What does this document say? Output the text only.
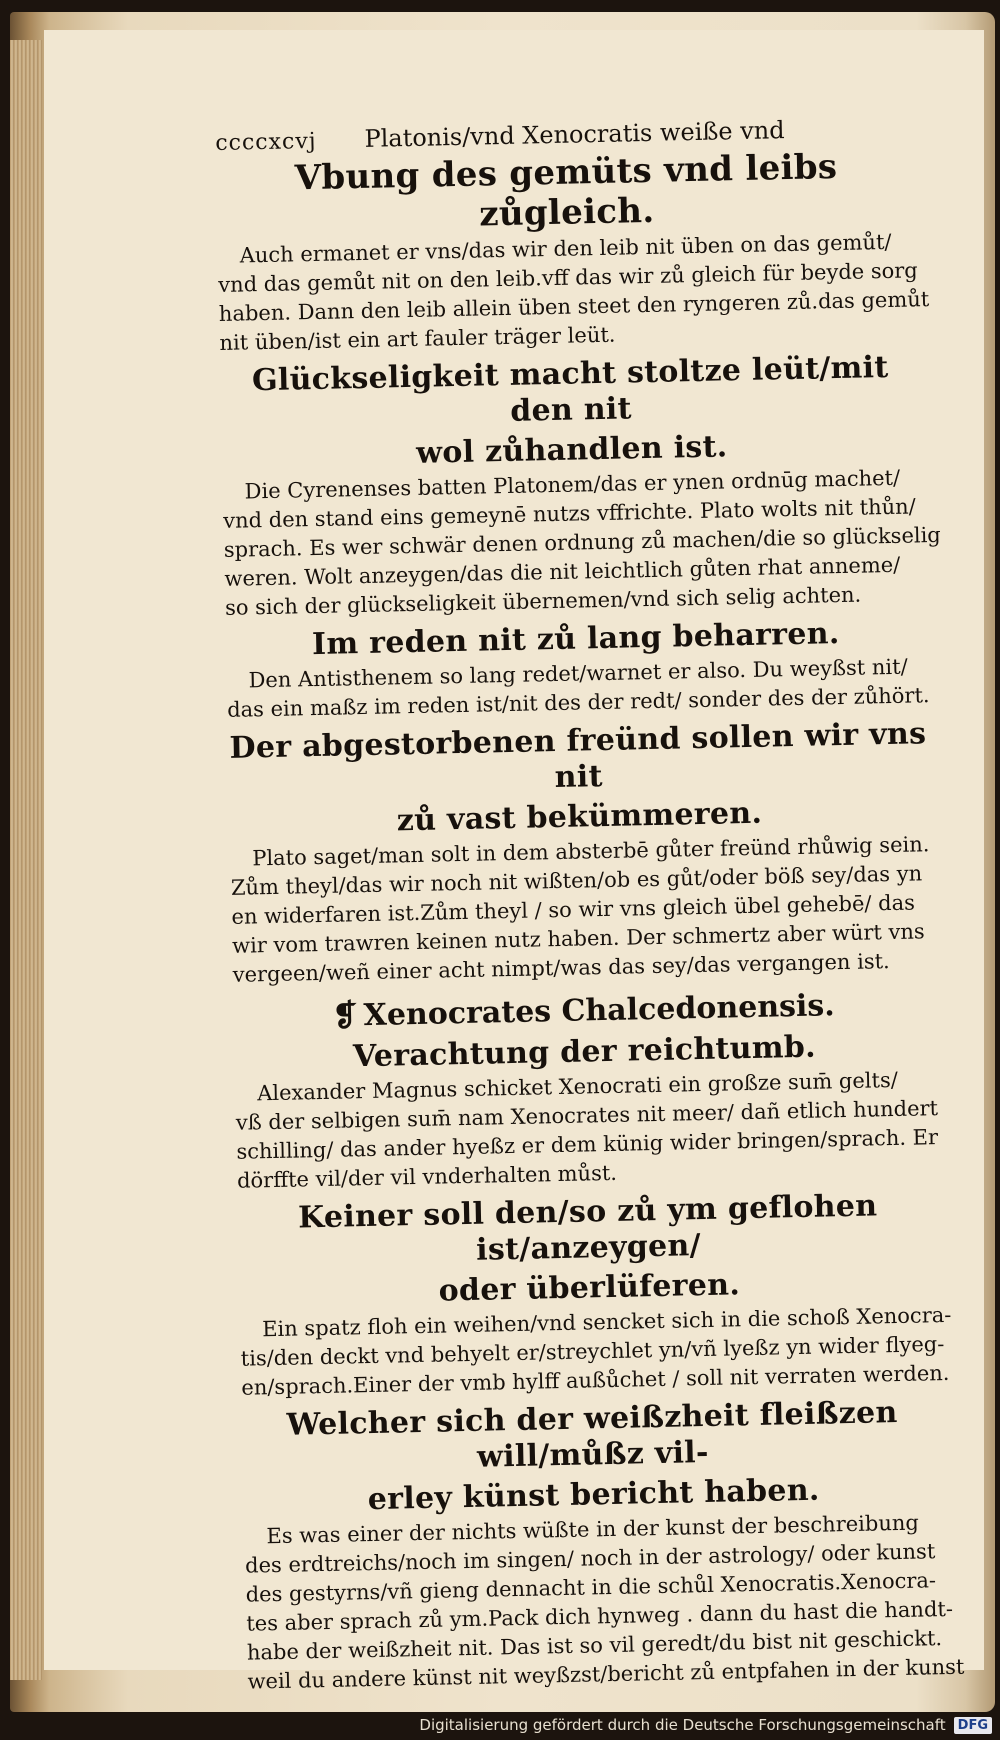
ccccxcvj Platonis/vnd Xenocratis weiße vnd
Vbung des gemüts vnd leibs zůgleich.
Auch ermanet er vns/das wir den leib nit üben on das gemůt/
vnd das gemůt nit on den leib.vff das wir zů gleich für beyde sorg
haben. Dann den leib allein üben steet den ryngeren zů.das gemůt
nit üben/ist ein art fauler träger leüt.
Glückseligkeit macht stoltze leüt/mit den nit
wol zůhandlen ist.
Die Cyrenenses batten Platonem/das er ynen ordnūg machet/
vnd den stand eins gemeynē nutzs vffrichte. Plato wolts nit thůn/
sprach. Es wer schwär denen ordnung zů machen/die so glückselig
weren. Wolt anzeygen/das die nit leichtlich gůten rhat anneme/
so sich der glückseligkeit übernemen/vnd sich selig achten.
Im reden nit zů lang beharren.
Den Antisthenem so lang redet/warnet er also. Du weyßst nit/
das ein maßz im reden ist/nit des der redt/ sonder des der zůhört.
Der abgestorbenen freünd sollen wir vns nit
zů vast bekümmeren.
Plato saget/man solt in dem absterbē gůter freünd rhůwig sein.
Zům theyl/das wir noch nit wißten/ob es gůt/oder böß sey/das yn
en widerfaren ist.Zům theyl / so wir vns gleich übel gehebē/ das
wir vom trawren keinen nutz haben. Der schmertz aber würt vns
vergeen/weñ einer acht nimpt/was das sey/das vergangen ist.
❡ Xenocrates Chalcedonensis.
Verachtung der reichtumb.
Alexander Magnus schicket Xenocrati ein großze sum̄ gelts/
vß der selbigen sum̄ nam Xenocrates nit meer/ dañ etlich hundert
schilling/ das ander hyeßz er dem künig wider bringen/sprach. Er
dörffte vil/der vil vnderhalten můst.
Keiner soll den/so zů ym geflohen ist/anzeygen/
oder überlüferen.
Ein spatz floh ein weihen/vnd sencket sich in die schoß Xenocra-
tis/den deckt vnd behyelt er/streychlet yn/vñ lyeßz yn wider flyeg-
en/sprach.Einer der vmb hylff außůchet / soll nit verraten werden.
Welcher sich der weißzheit fleißzen will/můßz vil-
erley künst bericht haben.
Es was einer der nichts wüßte in der kunst der beschreibung
des erdtreichs/noch im singen/ noch in der astrology/ oder kunst
des gestyrns/vñ gieng dennacht in die schůl Xenocratis.Xenocra-
tes aber sprach zů ym.Pack dich hynweg . dann du hast die handt-
habe der weißzheit nit. Das ist so vil geredt/du bist nit geschickt.
weil du andere künst nit weyßzst/bericht zů entpfahen in der kunst
Digitalisierung gefördert durch die Deutsche Forschungsgemeinschaft DFG
